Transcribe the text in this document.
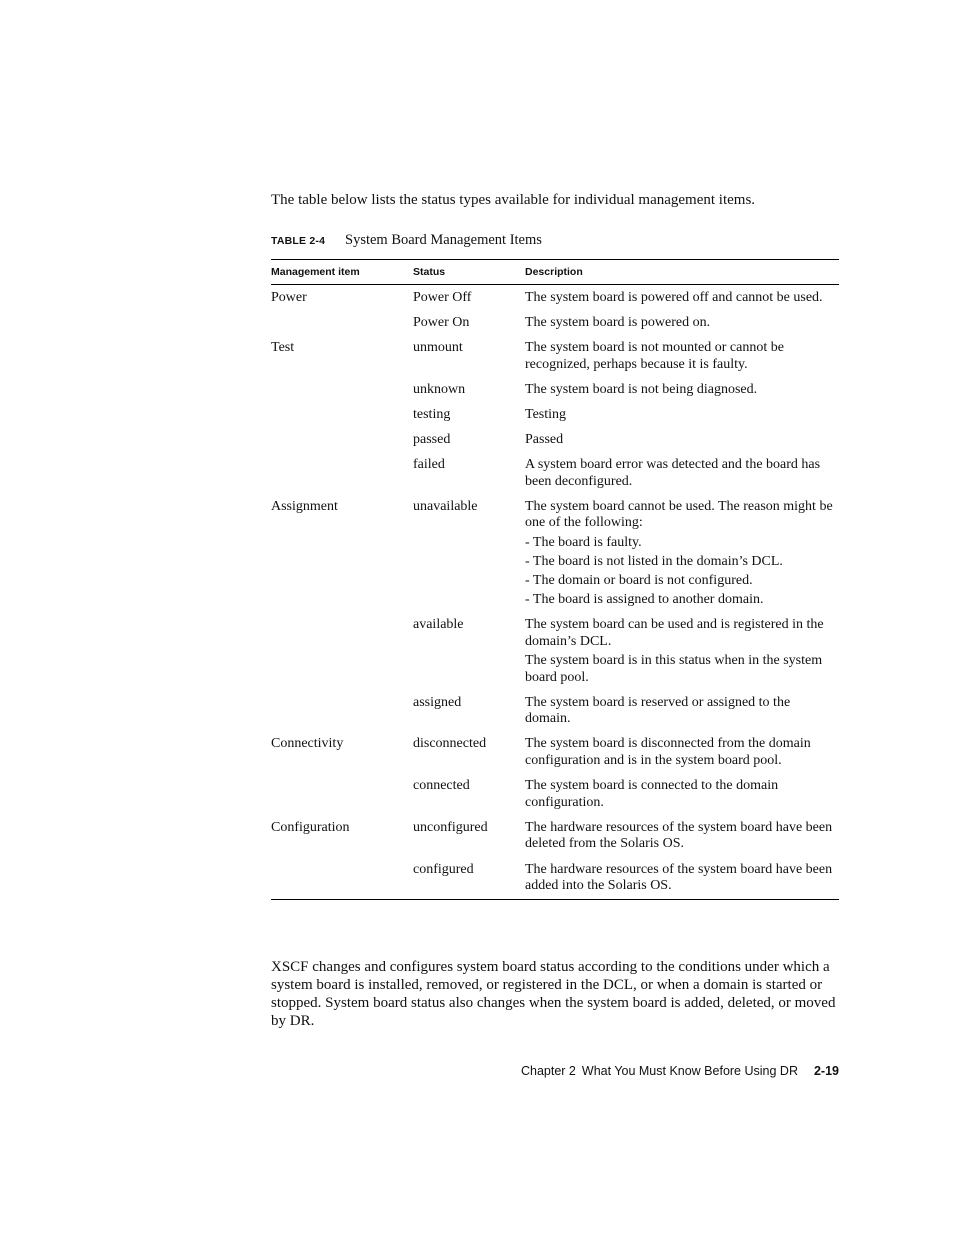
The table below lists the status types available for individual management items.

TABLE 2-4 System Board Management Items
Management item	Status	Description
Power	Power Off	The system board is powered off and cannot be used.

	Power On	The system board is powered on.

Test	unmount	The system board is not mounted or cannot be recognized, perhaps because it is faulty.

	unknown	The system board is not being diagnosed.

	testing	Testing

	passed	Passed

	failed	A system board error was detected and the board has been deconfigured.

Assignment	unavailable	The system board cannot be used. The reason might be one of the following:
- The board is faulty.
- The board is not listed in the domain’s DCL.
- The domain or board is not configured.
- The board is assigned to another domain.

	available	The system board can be used and is registered in the domain’s DCL.
The system board is in this status when in the system board pool.

	assigned	The system board is reserved or assigned to the domain.

Connectivity	disconnected	The system board is disconnected from the domain configuration and is in the system board pool.

	connected	The system board is connected to the domain configuration.

Configuration	unconfigured	The hardware resources of the system board have been deleted from the Solaris OS.

	configured	The hardware resources of the system board have been added into the Solaris OS.

XSCF changes and configures system board status according to the conditions under which a system board is installed, removed, or registered in the DCL, or when a domain is started or stopped. System board status also changes when the system board is added, deleted, or moved by DR.

Chapter 2 What You Must Know Before Using DR 2-19
